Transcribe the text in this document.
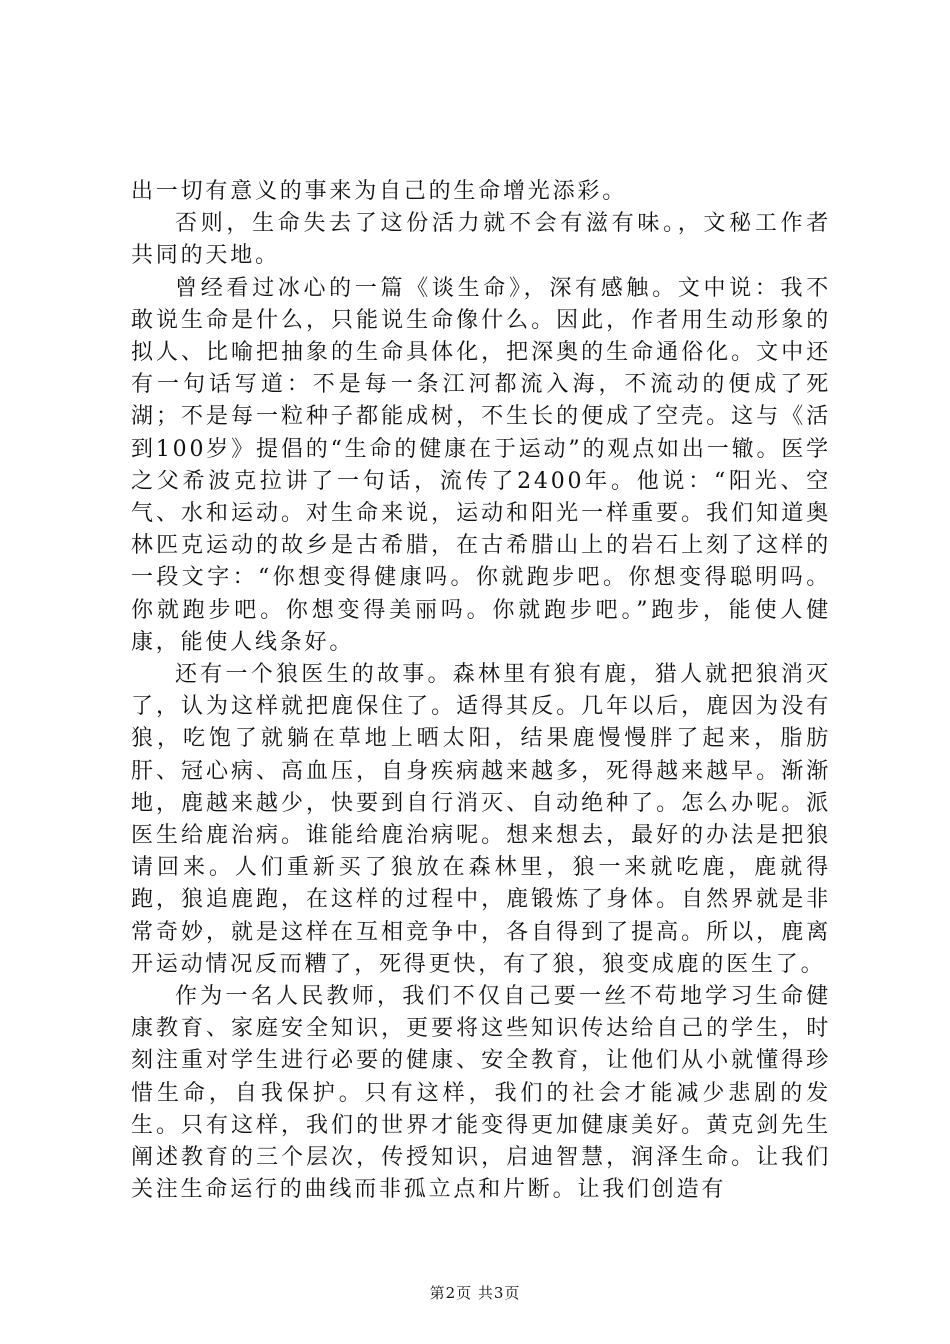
出一切有意义的事来为自己的生命增光添彩。

否则，生命失去了这份活力就不会有滋有味。，文秘工作者共同的天地。

曾经看过冰心的一篇《谈生命》，深有感触。文中说：我不敢说生命是什么，只能说生命像什么。因此，作者用生动形象的拟人、比喻把抽象的生命具体化，把深奥的生命通俗化。文中还有一句话写道：不是每一条江河都流入海，不流动的便成了死湖；不是每一粒种子都能成树，不生长的便成了空壳。这与《活到100岁》提倡的“生命的健康在于运动”的观点如出一辙。医学之父希波克拉讲了一句话，流传了2400年。他说：“阳光、空气、水和运动。对生命来说，运动和阳光一样重要。我们知道奥林匹克运动的故乡是古希腊，在古希腊山上的岩石上刻了这样的一段文字：“你想变得健康吗。你就跑步吧。你想变得聪明吗。你就跑步吧。你想变得美丽吗。你就跑步吧。”跑步，能使人健康，能使人线条好。

还有一个狼医生的故事。森林里有狼有鹿，猎人就把狼消灭了，认为这样就把鹿保住了。适得其反。几年以后，鹿因为没有狼，吃饱了就躺在草地上晒太阳，结果鹿慢慢胖了起来，脂肪肝、冠心病、高血压，自身疾病越来越多，死得越来越早。渐渐地，鹿越来越少，快要到自行消灭、自动绝种了。怎么办呢。派医生给鹿治病。谁能给鹿治病呢。想来想去，最好的办法是把狼请回来。人们重新买了狼放在森林里，狼一来就吃鹿，鹿就得跑，狼追鹿跑，在这样的过程中，鹿锻炼了身体。自然界就是非常奇妙，就是这样在互相竞争中，各自得到了提高。所以，鹿离开运动情况反而糟了，死得更快，有了狼，狼变成鹿的医生了。

作为一名人民教师，我们不仅自己要一丝不苟地学习生命健康教育、家庭安全知识，更要将这些知识传达给自己的学生，时刻注重对学生进行必要的健康、安全教育，让他们从小就懂得珍惜生命，自我保护。只有这样，我们的社会才能减少悲剧的发生。只有这样，我们的世界才能变得更加健康美好。黄克剑先生阐述教育的三个层次，传授知识，启迪智慧，润泽生命。让我们关注生命运行的曲线而非孤立点和片断。让我们创造有

第2页 共3页
